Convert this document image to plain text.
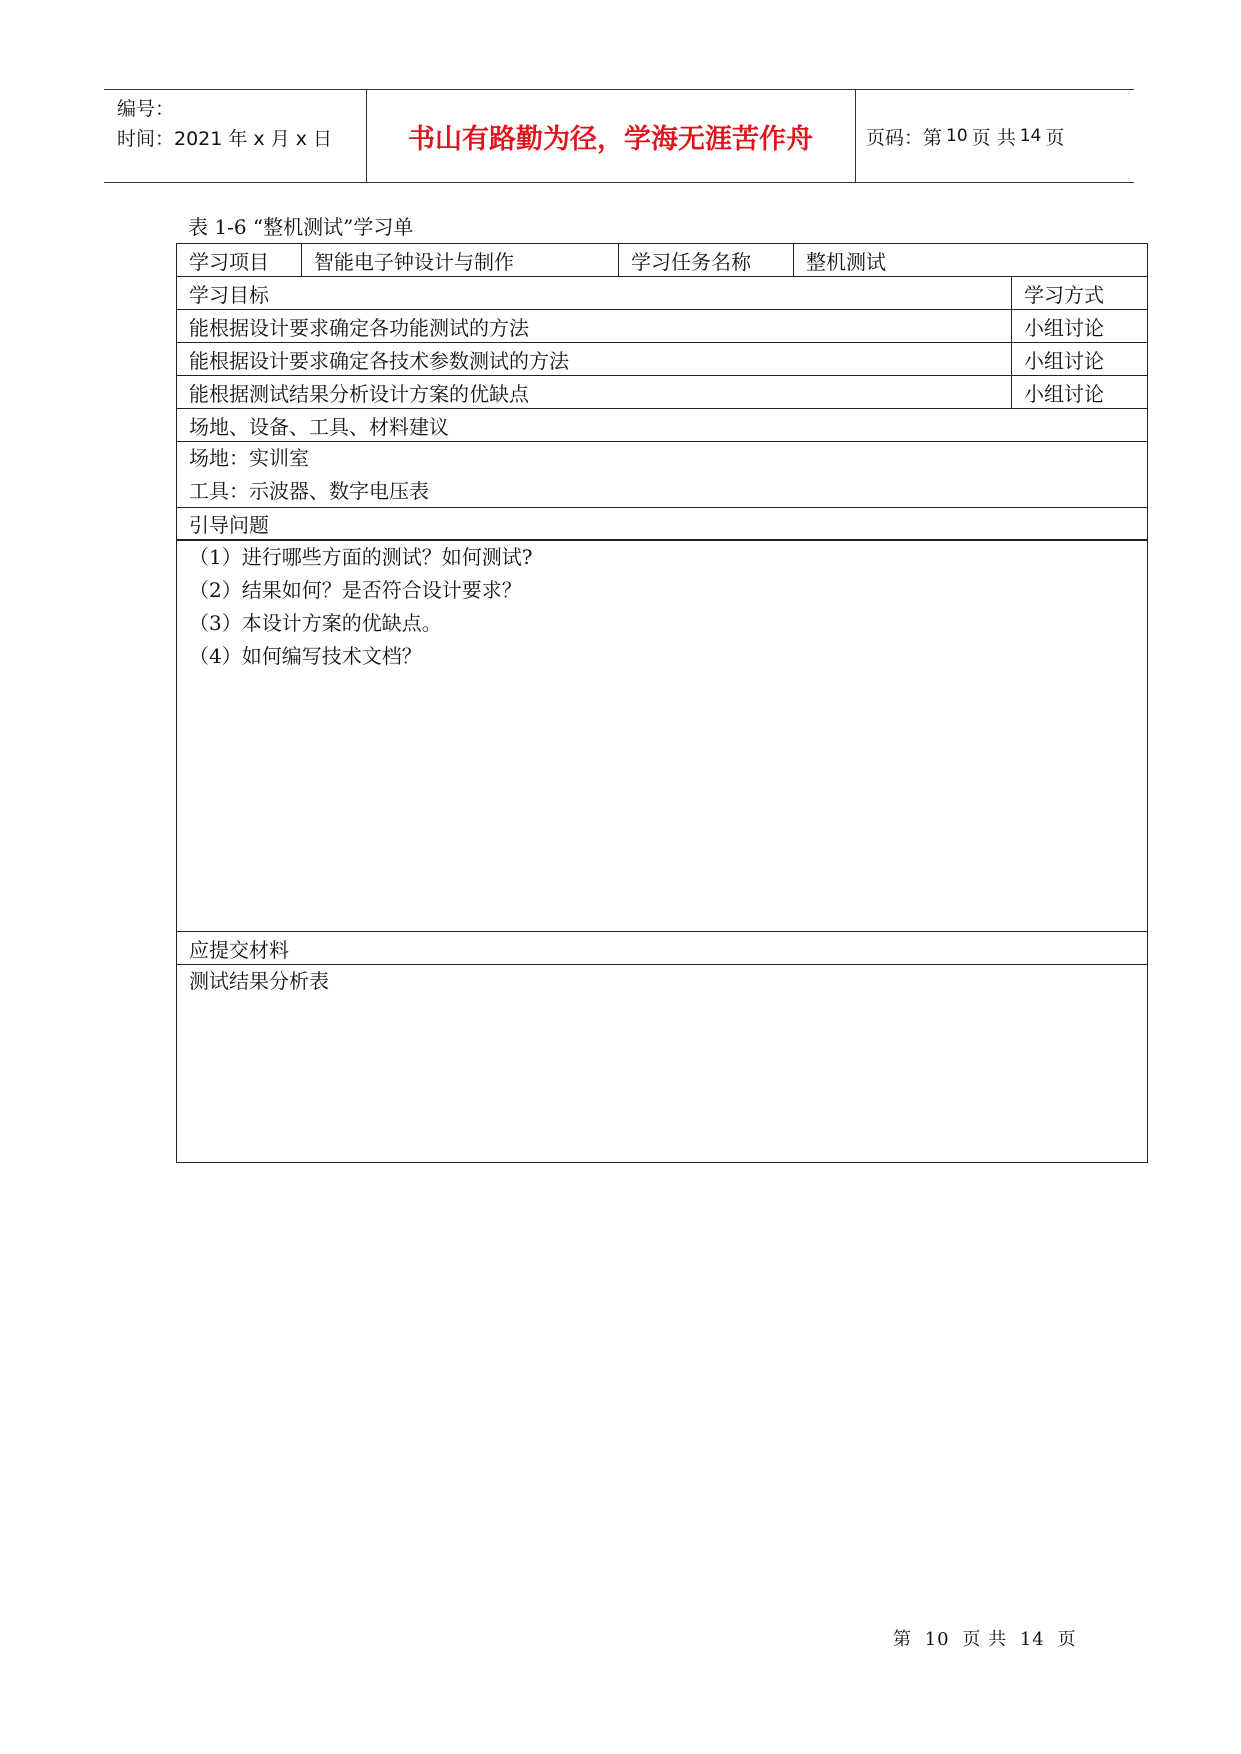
编号：
时间：2021 年 x 月 x 日	书山有路勤为径，学海无涯苦作舟	页码：第 10 页 共 14 页
表 1-6 “整机测试”学习单
学习项目	智能电子钟设计与制作	学习任务名称	整机测试
学习目标	学习方式
能根据设计要求确定各功能测试的方法	小组讨论
能根据设计要求确定各技术参数测试的方法	小组讨论
能根据测试结果分析设计方案的优缺点	小组讨论
场地、设备、工具、材料建议
场地：实训室
工具：示波器、数字电压表
引导问题
（1）进行哪些方面的测试？如何测试?
（2）结果如何？是否符合设计要求？
（3）本设计方案的优缺点。
（4）如何编写技术文档？
应提交材料
测试结果分析表
第 10 页 共 14 页
